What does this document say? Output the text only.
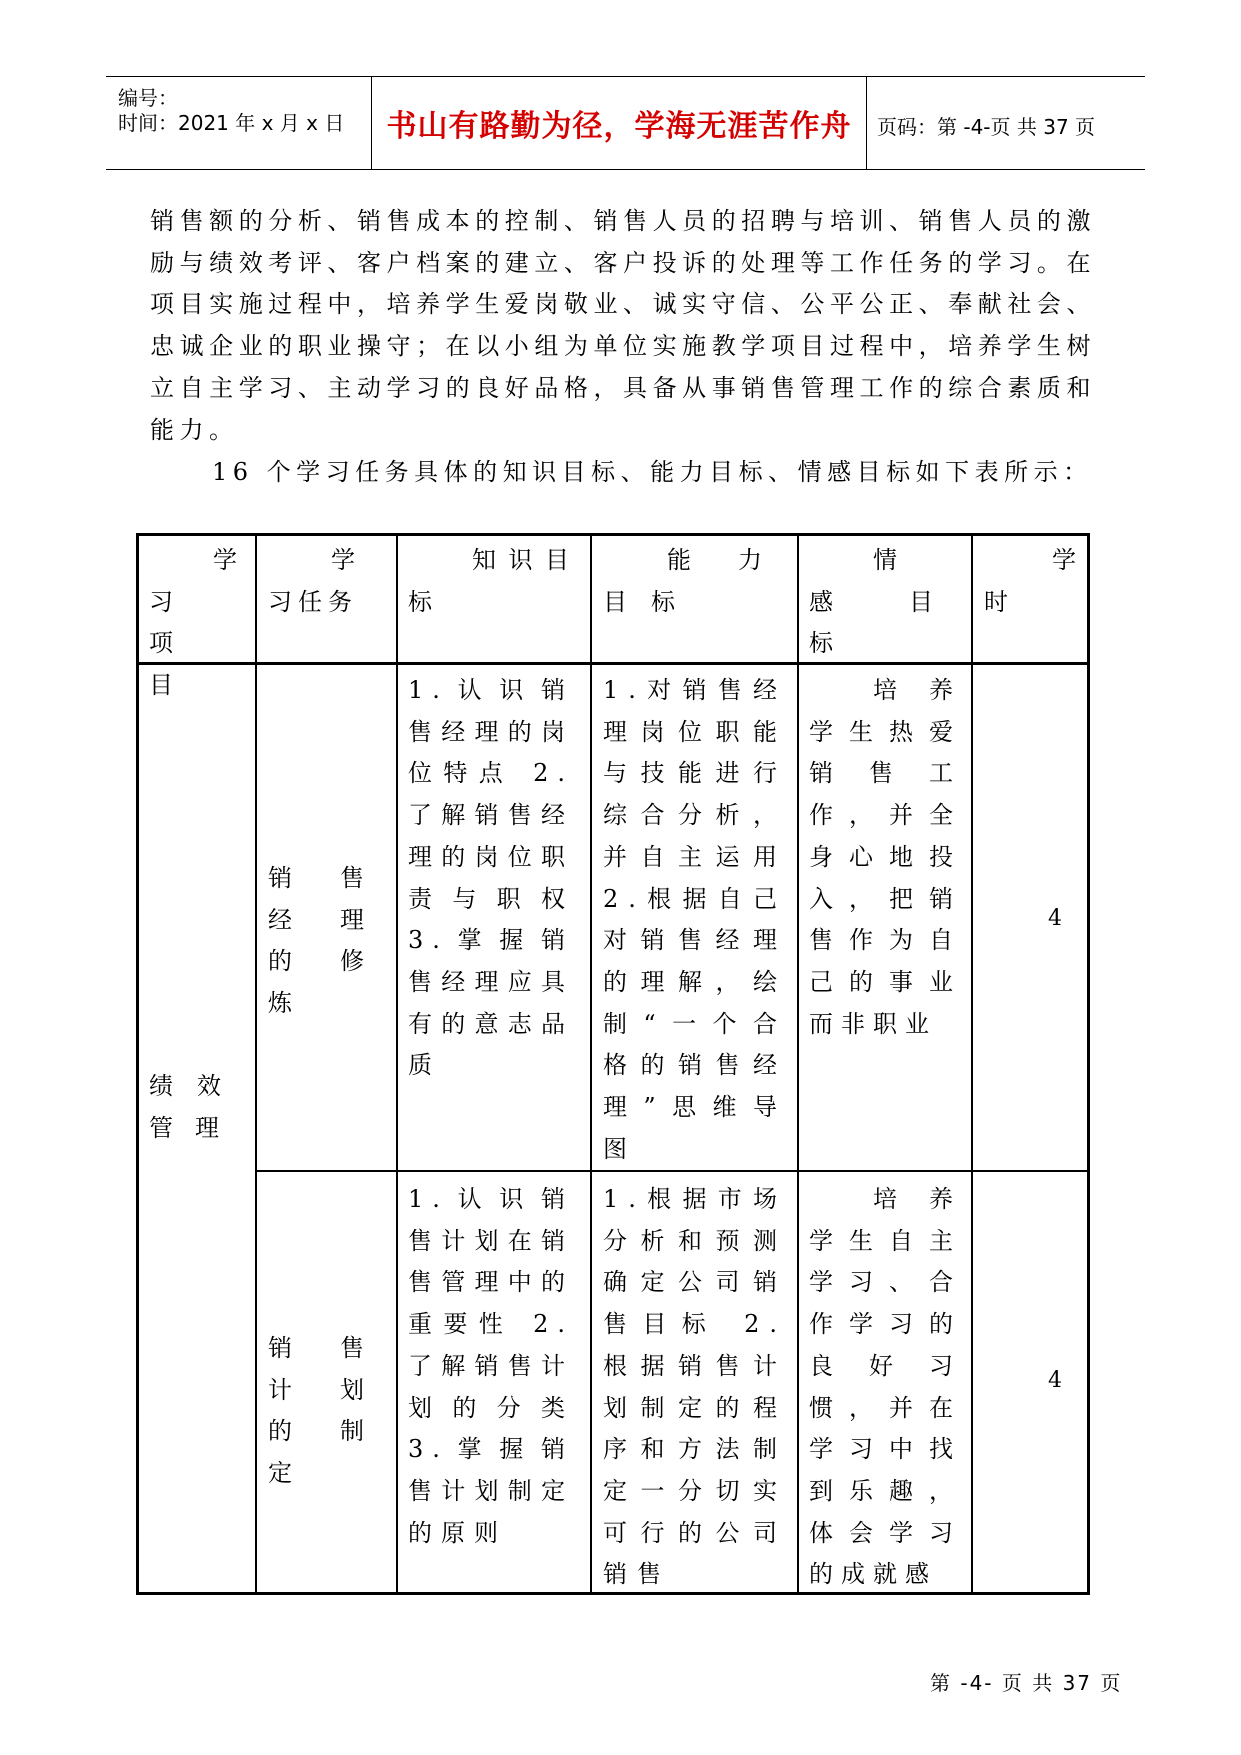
编号：
时间：2021 年 x 月 x 日	书山有路勤为径，学海无涯苦作舟	页码：第 -4-页 共 37 页
销售额的分析、销售成本的控制、销售人员的招聘与培训、销售人员的激励与绩效考评、客户档案的建立、客户投诉的处理等工作任务的学习。在项目实施过程中，培养学生爱岗敬业、诚实守信、公平公正、奉献社会、忠诚企业的职业操守；在以小组为单位实施教学项目过程中，培养学生树立自主学习、主动学习的良好品格，具备从事销售管理工作的综合素质和能力。
16 个学习任务具体的知识目标、能力目标、情感目标如下表所示：
学习项目
学习任务
知识目标
能力目标
情感目标
学时
绩效管理
销售经理的修炼
1.认识销售经理的岗位特点 2.了解销售经理的岗位职责与职权 3.掌握销售经理应具有的意志品质
1.对销售经理岗位职能与技能进行综合分析，并自主运用 2.根据自己对销售经理的理解，绘制“一个合格的销售经理”思维导图
培养学生热爱销售工作，并全身心地投入，把销售作为自己的事业而非职业
4
销售计划的制定
1.认识销售计划在销售管理中的重要性 2.了解销售计划的分类 3.掌握销售计划制定的原则
1.根据市场分析和预测确定公司销售目标 2.根据销售计划制定的程序和方法制定一分切实可行的公司销售
培养学生自主学习、合作学习的良好习惯，并在学习中找到乐趣，体会学习的成就感
4
第 -4- 页 共 37 页
